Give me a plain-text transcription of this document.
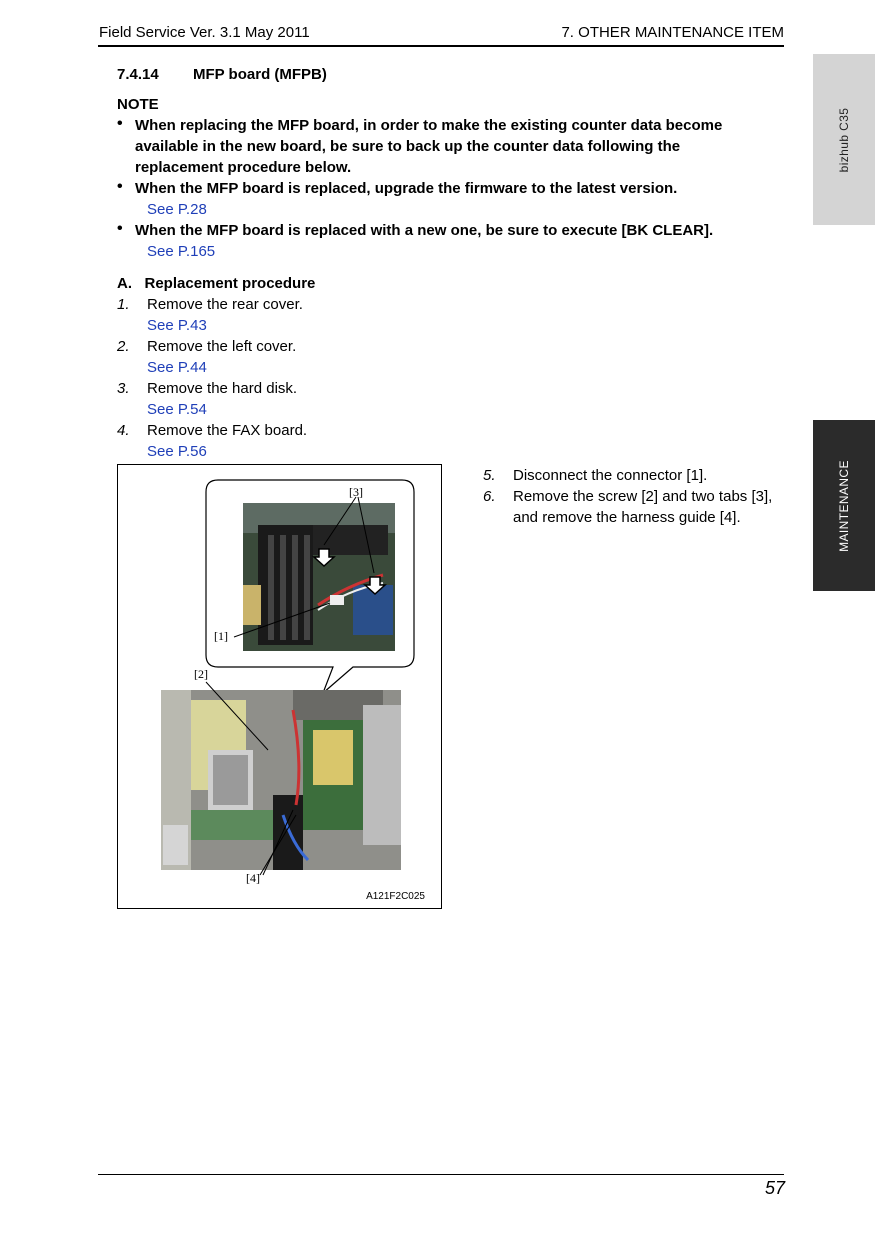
Field Service Ver. 3.1 May 2011	7. OTHER MAINTENANCE ITEM
bizhub C35
MAINTENANCE
7.4.14 MFP board (MFPB)
NOTE
• When replacing the MFP board, in order to make the existing counter data become
available in the new board, be sure to back up the counter data following the
replacement procedure below.
• When the MFP board is replaced, upgrade the firmware to the latest version.
See P.28
• When the MFP board is replaced with a new one, be sure to execute [BK CLEAR].
See P.165
A.   Replacement procedure
1.	Remove the rear cover.
See P.43
2.	Remove the left cover.
See P.44
3.	Remove the hard disk.
See P.54
4.	Remove the FAX board.
See P.56
[3]
[1]
[2]
[4]
A121F2C025
5.	Disconnect the connector [1].
6.	Remove the screw [2] and two tabs [3], and remove the harness guide [4].
57
